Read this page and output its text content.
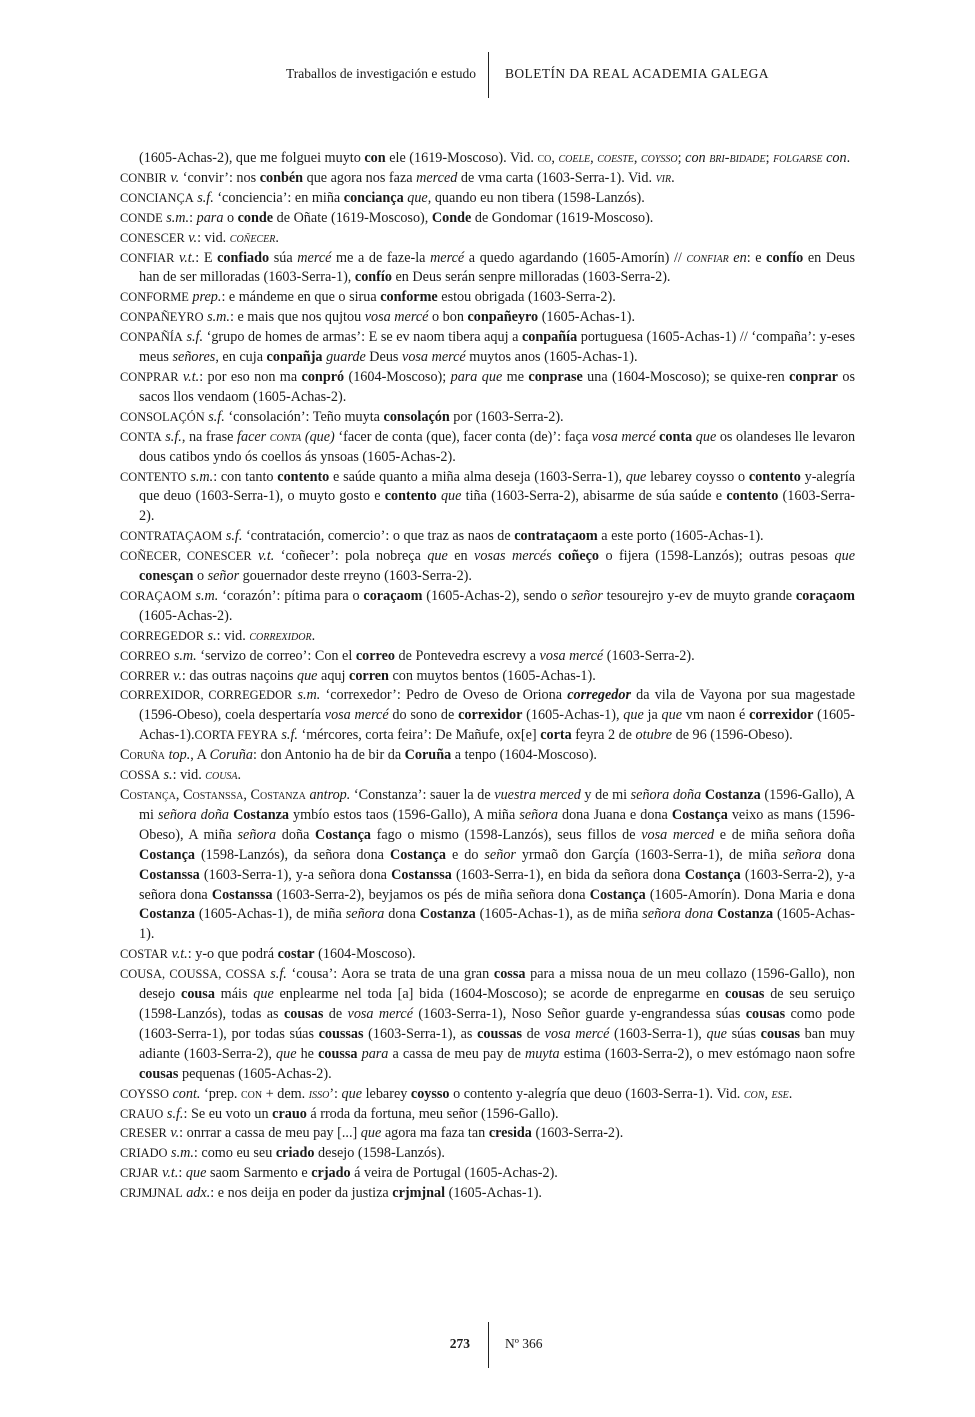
Traballos de investigación e estudo BOLETÍN DA REAL ACADEMIA GALEGA

(1605-Achas-2), que me folguei muyto con ele (1619-Moscoso). Vid. co, coele, coeste, coysso; con bri-bidade; folgarse con.

CONBIR v. ‘convir’: nos conbén que agora nos faza merced de vma carta (1603-Serra-1). Vid. vir.

CONCIANÇA s.f. ‘conciencia’: en miña conciança que, quando eu non tibera (1598-Lanzós).

CONDE s.m.: para o conde de Oñate (1619-Moscoso), Conde de Gondomar (1619-Moscoso).

CONESCER v.: vid. coñecer.

CONFIAR v.t.: E confiado súa mercé me a de faze-la mercé a quedo agardando (1605-Amorín) // confiar en: e confío en Deus han de ser milloradas (1603-Serra-1), confío en Deus serán senpre milloradas (1603-Serra-2).

CONFORME prep.: e mándeme en que o sirua conforme estou obrigada (1603-Serra-2).

CONPAÑEYRO s.m.: e mais que nos qujtou vosa mercé o bon conpañeyro (1605-Achas-1).

CONPAÑÍA s.f. ‘grupo de homes de armas’: E se ev naom tibera aquj a conpañía portuguesa (1605-Achas-1) // ‘compaña’: y-eses meus señores, en cuja conpañja guarde Deus vosa mercé muytos anos (1605-Achas-1).

CONPRAR v.t.: por eso non ma conpró (1604-Moscoso); para que me conprase una (1604-Moscoso); se quixe-ren conprar os sacos llos vendaom (1605-Achas-2).

CONSOLAÇÓN s.f. ‘consolación’: Teño muyta consolaçón por (1603-Serra-2).

CONTA s.f., na frase facer conta (que) ‘facer de conta (que), facer conta (de)’: faça vosa mercé conta que os olandeses lle levaron dous catibos yndo ós coellos ás ynsoas (1605-Achas-2).

CONTENTO s.m.: con tanto contento e saúde quanto a miña alma deseja (1603-Serra-1), que lebarey coysso o contento y-alegría que deuo (1603-Serra-1), o muyto gosto e contento que tiña (1603-Serra-2), abisarme de súa saúde e contento (1603-Serra-2).

CONTRATAÇAOM s.f. ‘contratación, comercio’: o que traz as naos de contrataçaom a este porto (1605-Achas-1).

COÑECER, CONESCER v.t. ‘coñecer’: pola nobreça que en vosas mercés coñeço o fijera (1598-Lanzós); outras pesoas que conesçan o señor gouernador deste rreyno (1603-Serra-2).

CORAÇAOM s.m. ‘corazón’: pítima para o coraçaom (1605-Achas-2), sendo o señor tesourejro y-ev de muyto grande coraçaom (1605-Achas-2).

CORREGEDOR s.: vid. correxidor.

CORREO s.m. ‘servizo de correo’: Con el correo de Pontevedra escrevy a vosa mercé (1603-Serra-2).

CORRER v.: das outras naçoins que aquj corren con muytos bentos (1605-Achas-1).

CORREXIDOR, CORREGEDOR s.m. ‘correxedor’: Pedro de Oveso de Oriona corregedor da vila de Vayona por sua magestade (1596-Obeso), coela despertaría vosa mercé do sono de correxidor (1605-Achas-1), que ja que vm naon é correxidor (1605-Achas-1).CORTA FEYRA s.f. ‘mércores, corta feira’: De Mañufe, ox[e] corta feyra 2 de otubre de 96 (1596-Obeso).

Coruña top., A Coruña: don Antonio ha de bir da Coruña a tenpo (1604-Moscoso).

COSSA s.: vid. cousa.

Costança, Costanssa, Costanza antrop. ‘Constanza’: sauer la de vuestra merced y de mi señora doña Costanza (1596-Gallo), A mi señora doña Costanza ymbío estos taos (1596-Gallo), A miña señora dona Juana e dona Costança veixo as mans (1596-Obeso), A miña señora doña Costança fago o mismo (1598-Lanzós), seus fillos de vosa merced e de miña señora doña Costança (1598-Lanzós), da señora dona Costança e do señor yrmaõ don Garçía (1603-Serra-1), de miña señora dona Costanssa (1603-Serra-1), y-a señora dona Costanssa (1603-Serra-1), en bida da señora dona Costança (1603-Serra-2), y-a señora dona Costanssa (1603-Serra-2), beyjamos os pés de miña señora dona Costança (1605-Amorín). Dona Maria e dona Costanza (1605-Achas-1), de miña señora dona Costanza (1605-Achas-1), as de miña señora dona Costanza (1605-Achas-1).

COSTAR v.t.: y-o que podrá costar (1604-Moscoso).

COUSA, COUSSA, COSSA s.f. ‘cousa’: Aora se trata de una gran cossa para a missa noua de un meu collazo (1596-Gallo), non desejo cousa máis que enplearme nel toda [a] bida (1604-Moscoso); se acorde de enpregarme en cousas de seu seruiço (1598-Lanzós), todas as cousas de vosa mercé (1603-Serra-1), Noso Señor guarde y-engrandessa súas cousas como pode (1603-Serra-1), por todas súas coussas (1603-Serra-1), as coussas de vosa mercé (1603-Serra-1), que súas cousas ban muy adiante (1603-Serra-2), que he coussa para a cassa de meu pay de muyta estima (1603-Serra-2), o mev estómago naon sofre cousas pequenas (1605-Achas-2).

COYSSO cont. ‘prep. con + dem. isso’: que lebarey coysso o contento y-alegría que deuo (1603-Serra-1). Vid. con, ese.

CRAUO s.f.: Se eu voto un crauo á rroda da fortuna, meu señor (1596-Gallo).

CRESER v.: onrrar a cassa de meu pay [...] que agora ma faza tan cresida (1603-Serra-2).

CRIADO s.m.: como eu seu criado desejo (1598-Lanzós).

CRJAR v.t.: que saom Sarmento e crjado á veira de Portugal (1605-Achas-2).

CRJMJNAL adx.: e nos deija en poder da justiza crjmjnal (1605-Achas-1).

273	Nº 366
